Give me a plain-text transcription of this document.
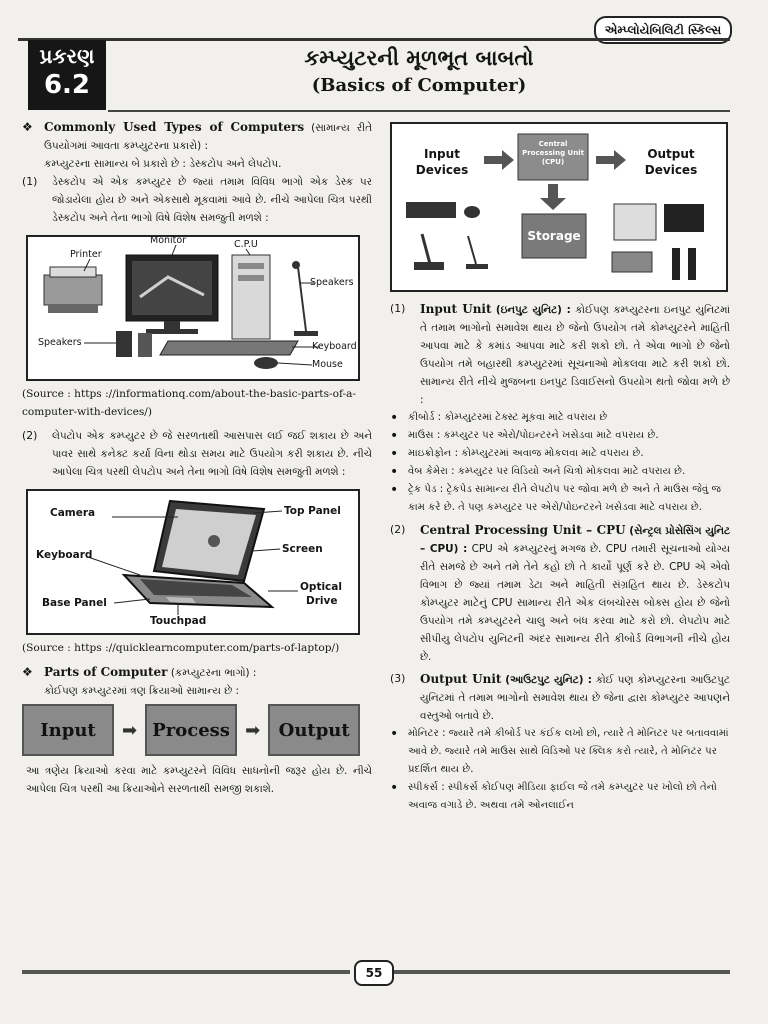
એમ્પ્લોયેબિલિટી સ્કિલ્સ
પ્રકરણ
6.2
કમ્પ્યુટરની મૂળભૂત બાબતો
(Basics of Computer)
❖ Commonly Used Types of Computers (સામાન્ય રીતે ઉપયોગમાં આવતા કમ્પ્યુટરના પ્રકારો) :

કમ્પ્યુટરના સામાન્ય બે પ્રકારો છે : ડેસ્કટોપ અને લેપટોપ.

(1)	ડેસ્કટોપ એ એક કમ્પ્યુટર છે જ્યાં તમામ વિવિધ ભાગો એક ડેસ્ક પર જોડાયેલા હોય છે અને એકસાથે મૂકવામાં આવે છે. નીચે આપેલા ચિત્ર પરથી ડેસ્કટોપ અને તેના ભાગો વિષે વિશેષ સમજુતી મળશે :

Printer
Monitor	C.P.U
Speakers
Speakers	Keyboard
Mouse

(Source : https ://informationq.com/about-the-basic-parts-of-a-computer-with-devices/)

(2)	લેપટોપ એક કમ્પ્યુટર છે જે સરળતાથી આસપાસ લઈ જઈ શકાય છે અને પાવર સાથે કનેક્ટ કર્યા વિના થોડા સમય માટે ઉપયોગ કરી શકાય છે. નીચે આપેલા ચિત્ર પરથી લેપટોપ અને તેના ભાગો વિષે વિશેષ સમજુતી મળશે :

Camera	Top Panel
Keyboard	Screen
Optical
Drive
Base Panel
Touchpad

(Source : https ://quicklearncomputer.com/parts-of-laptop/)

❖ Parts of Computer (કમ્પ્યુટરના ભાગો) :

કોઈપણ કમ્પ્યુટરમાં ત્રણ ક્રિયાઓ સામાન્ય છે :

Input	➡ Process ➡	Output

આ ત્રણેય ક્રિયાઓ કરવા માટે કમ્પ્યુટરને વિવિધ સાધનોની જરૂર હોય છે. નીચે આપેલા ચિત્ર પરથી આ ક્રિયાઓને સરળતાથી સમજી શકાશે.

Input Devices
Central Processing Unit (CPU)
Output Devices
Storage
(1)	Input Unit (ઇનપુટ યુનિટ) : કોઈપણ કમ્પ્યુટરના ઇનપુટ યુનિટમાં તે તમામ ભાગોનો સમાવેશ થાય છે જેનો ઉપયોગ તમે કોમ્પ્યુટરને માહિતી આપવા માટે કે કમાંડ આપવા માટે કરી શકો છો. તે એવા ભાગો છે જેનો ઉપયોગ તમે બહારથી કમ્પ્યુટરમાં સૂચનાઓ મોકલવા માટે કરી શકો છો. સામાન્ય રીતે નીચે મુજબના ઇનપુટ ડિવાઈસનો ઉપયોગ થતો જોવા મળે છે :

• કીબોર્ડ : કોમ્પ્યુટરમાં ટેક્સ્ટ મૂકવા માટે વપરાય છે
• માઉસ : કમ્પ્યુટર પર એરો/પોઇન્ટરને ખસેડવા માટે વપરાય છે.
• માઇક્રોફોન : કોમ્પ્યુટરમાં અવાજ મોકલવા માટે વપરાય છે.
• વેબ કેમેરા : કમ્પ્યુટર પર વિડિયો અને ચિત્રો મોકલવા માટે વપરાય છે.
• ટ્રેક પેડ : ટ્રેકપેડ સામાન્ય રીતે લેપટોપ પર જોવા મળે છે અને તે માઉસ જેવું જ કામ કરે છે. તે પણ કમ્પ્યુટર પર એરો/પોઇન્ટરને ખસેડવા માટે વપરાય છે.
(2)	Central Processing Unit – CPU (સેન્ટ્રલ પ્રોસેસિંગ યુનિટ – CPU) : CPU એ કમ્પ્યુટરનું મગજ છે. CPU તમારી સૂચનાઓ યોગ્ય રીતે સમજે છે અને તમે તેને કહો છો તે કાર્યો પૂર્ણ કરે છે. CPU એ એવો વિભાગ છે જ્યાં તમામ ડેટા અને માહિતી સંગ્રહિત થાય છે. ડેસ્કટોપ કોમ્પ્યુટર માટેનું CPU સામાન્ય રીતે એક લંબચોરસ બોક્સ હોય છે જેનો ઉપયોગ તમે કમ્પ્યુટરને ચાલુ અને બંધ કરવા માટે કરો છો. લેપટોપ માટે સીપીયુ લેપટોપ યુનિટની અંદર સામાન્ય રીતે કીબોર્ડ વિભાગની નીચે હોય છે.

(3)	Output Unit (આઉટપુટ યુનિટ) : કોઈ પણ કોમ્પ્યુટરના આઉટપુટ યુનિટમાં તે તમામ ભાગોનો સમાવેશ થાય છે જેના દ્વારા કોમ્પ્યુટર આપણને વસ્તુઓ બતાવે છે.

• મોનિટર : જ્યારે તમે કીબોર્ડ પર કંઈક લખો છો, ત્યારે તે મોનિટર પર બતાવવામાં આવે છે. જ્યારે તમે માઉસ સાથે વિડિઓ પર ક્લિક કરો ત્યારે, તે મોનિટર પર પ્રદર્શિત થાય છે.
• સ્પીકર્સ : સ્પીકર્સ કોઈપણ મીડિયા ફાઈલ જે તમે કમ્પ્યુટર પર ખોલો છો તેનો અવાજ વગાડે છે. અથવા તમે ઓનલાઈન
55
